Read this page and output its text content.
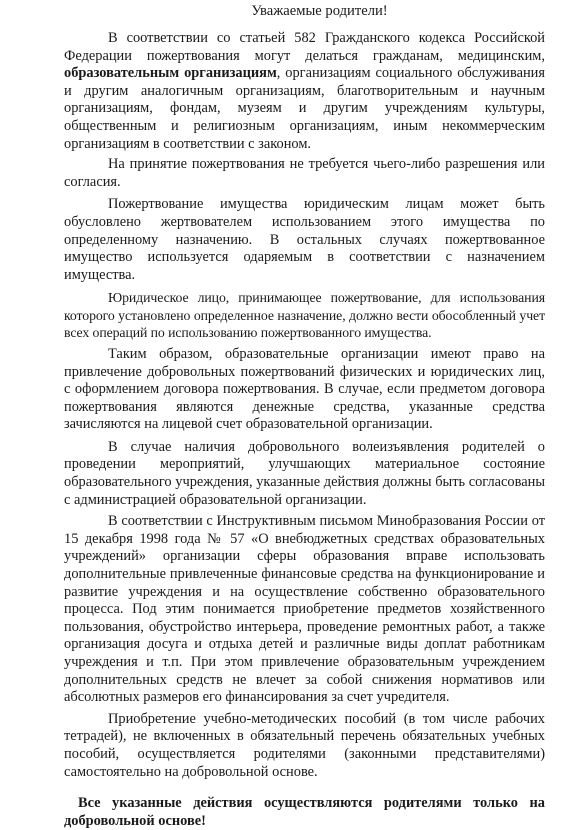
Уважаемые родители!

В соответствии со статьей 582 Гражданского кодекса Российской Федерации пожертвования могут делаться гражданам, медицинским, образовательным организациям, организациям социального обслуживания и другим аналогичным организациям, благотворительным и научным организациям, фондам, музеям и другим учреждениям культуры, общественным и религиозным организациям, иным некоммерческим организациям в соответствии с законом.

На принятие пожертвования не требуется чьего-либо разрешения или согласия.

Пожертвование имущества юридическим лицам может быть обусловлено жертвователем использованием этого имущества по определенному назначению. В остальных случаях пожертвованное имущество используется одаряемым в соответствии с назначением имущества.

Юридическое лицо, принимающее пожертвование, для использования которого установлено определенное назначение, должно вести обособленный учет всех операций по использованию пожертвованного имущества.

Таким образом, образовательные организации имеют право на привлечение добровольных пожертвований физических и юридических лиц, с оформлением договора пожертвования. В случае, если предметом договора пожертвования являются денежные средства, указанные средства зачисляются на лицевой счет образовательной организации.

В случае наличия добровольного волеизъявления родителей о проведении мероприятий, улучшающих материальное состояние образовательного учреждения, указанные действия должны быть согласованы с администрацией образовательной организации.

В соответствии с Инструктивным письмом Минобразования России от 15 декабря 1998 года № 57 «О внебюджетных средствах образовательных учреждений» организации сферы образования вправе использовать дополнительные привлеченные финансовые средства на функционирование и развитие учреждения и на осуществление собственно образовательного процесса. Под этим понимается приобретение предметов хозяйственного пользования, обустройство интерьера, проведение ремонтных работ, а также организация досуга и отдыха детей и различные виды доплат работникам учреждения и т.п. При этом привлечение образовательным учреждением дополнительных средств не влечет за собой снижения нормативов или абсолютных размеров его финансирования за счет учредителя.

Приобретение учебно-методических пособий (в том числе рабочих тетрадей), не включенных в обязательный перечень обязательных учебных пособий, осуществляется родителями (законными представителями) самостоятельно на добровольной основе.

Все указанные действия осуществляются родителями только на добровольной основе!
